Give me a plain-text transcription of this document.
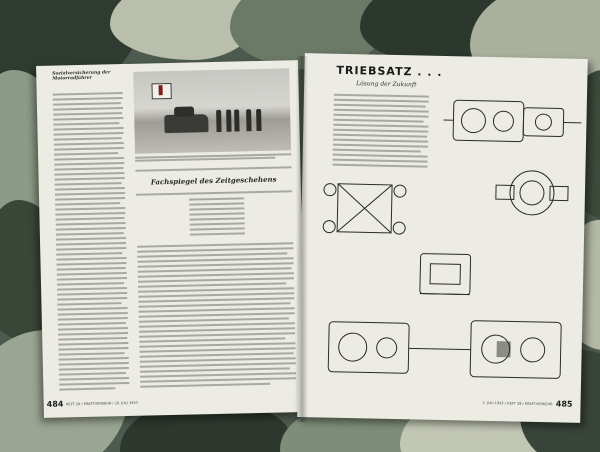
Sozialversicherung der Motorradfahrer
Fachspiegel des Zeitgeschehens
484 HEFT 28 / KRAFTVERKEHR / 20. JULI 1943
TRIEBSATZ . . .
Lösung der Zukunft
485
5. JULI 1943 / HEFT 28 / KRAFTVERKEHR
